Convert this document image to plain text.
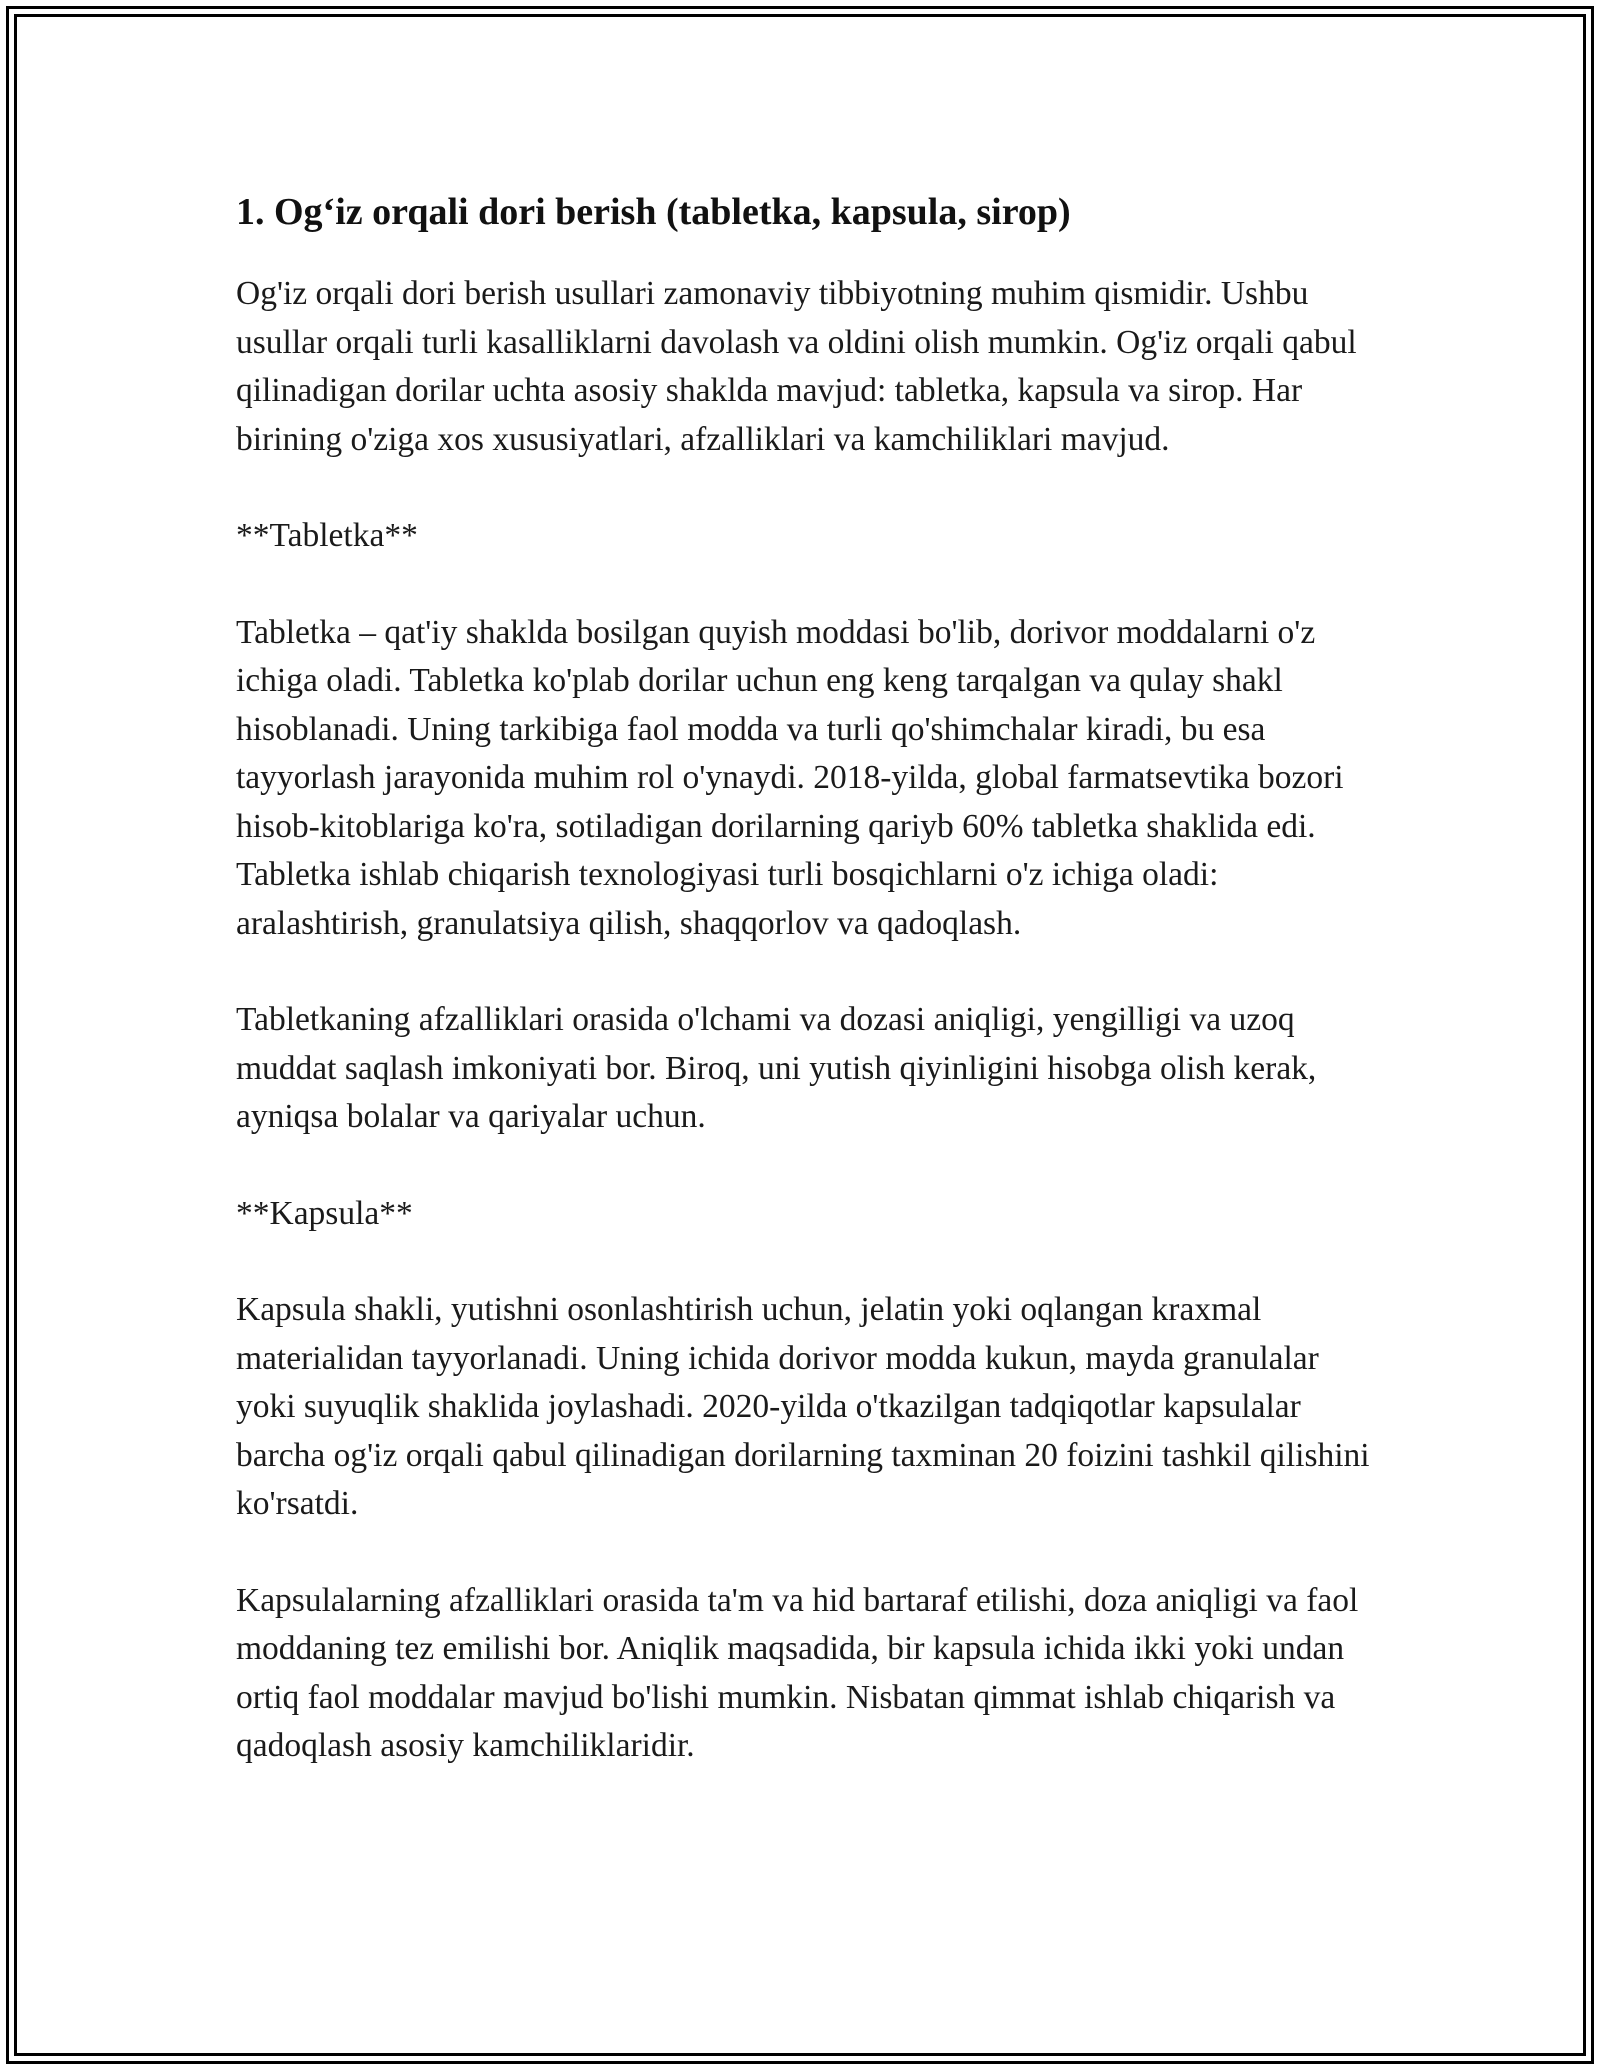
1. Og‘iz orqali dori berish (tabletka, kapsula, sirop)

Og'iz orqali dori berish usullari zamonaviy tibbiyotning muhim qismidir. Ushbu usullar orqali turli kasalliklarni davolash va oldini olish mumkin. Og'iz orqali qabul qilinadigan dorilar uchta asosiy shaklda mavjud: tabletka, kapsula va sirop. Har birining o'ziga xos xususiyatlari, afzalliklari va kamchiliklari mavjud.

**Tabletka**

Tabletka – qat'iy shaklda bosilgan quyish moddasi bo'lib, dorivor moddalarni o'z ichiga oladi. Tabletka ko'plab dorilar uchun eng keng tarqalgan va qulay shakl hisoblanadi. Uning tarkibiga faol modda va turli qo'shimchalar kiradi, bu esa tayyorlash jarayonida muhim rol o'ynaydi. 2018-yilda, global farmatsevtika bozori hisob-kitoblariga ko'ra, sotiladigan dorilarning qariyb 60% tabletka shaklida edi. Tabletka ishlab chiqarish texnologiyasi turli bosqichlarni o'z ichiga oladi: aralashtirish, granulatsiya qilish, shaqqorlov va qadoqlash.

Tabletkaning afzalliklari orasida o'lchami va dozasi aniqligi, yengilligi va uzoq muddat saqlash imkoniyati bor. Biroq, uni yutish qiyinligini hisobga olish kerak, ayniqsa bolalar va qariyalar uchun.

**Kapsula**

Kapsula shakli, yutishni osonlashtirish uchun, jelatin yoki oqlangan kraxmal materialidan tayyorlanadi. Uning ichida dorivor modda kukun, mayda granulalar yoki suyuqlik shaklida joylashadi. 2020-yilda o'tkazilgan tadqiqotlar kapsulalar barcha og'iz orqali qabul qilinadigan dorilarning taxminan 20 foizini tashkil qilishini ko'rsatdi.

Kapsulalarning afzalliklari orasida ta'm va hid bartaraf etilishi, doza aniqligi va faol moddaning tez emilishi bor. Aniqlik maqsadida, bir kapsula ichida ikki yoki undan ortiq faol moddalar mavjud bo'lishi mumkin. Nisbatan qimmat ishlab chiqarish va qadoqlash asosiy kamchiliklaridir.
